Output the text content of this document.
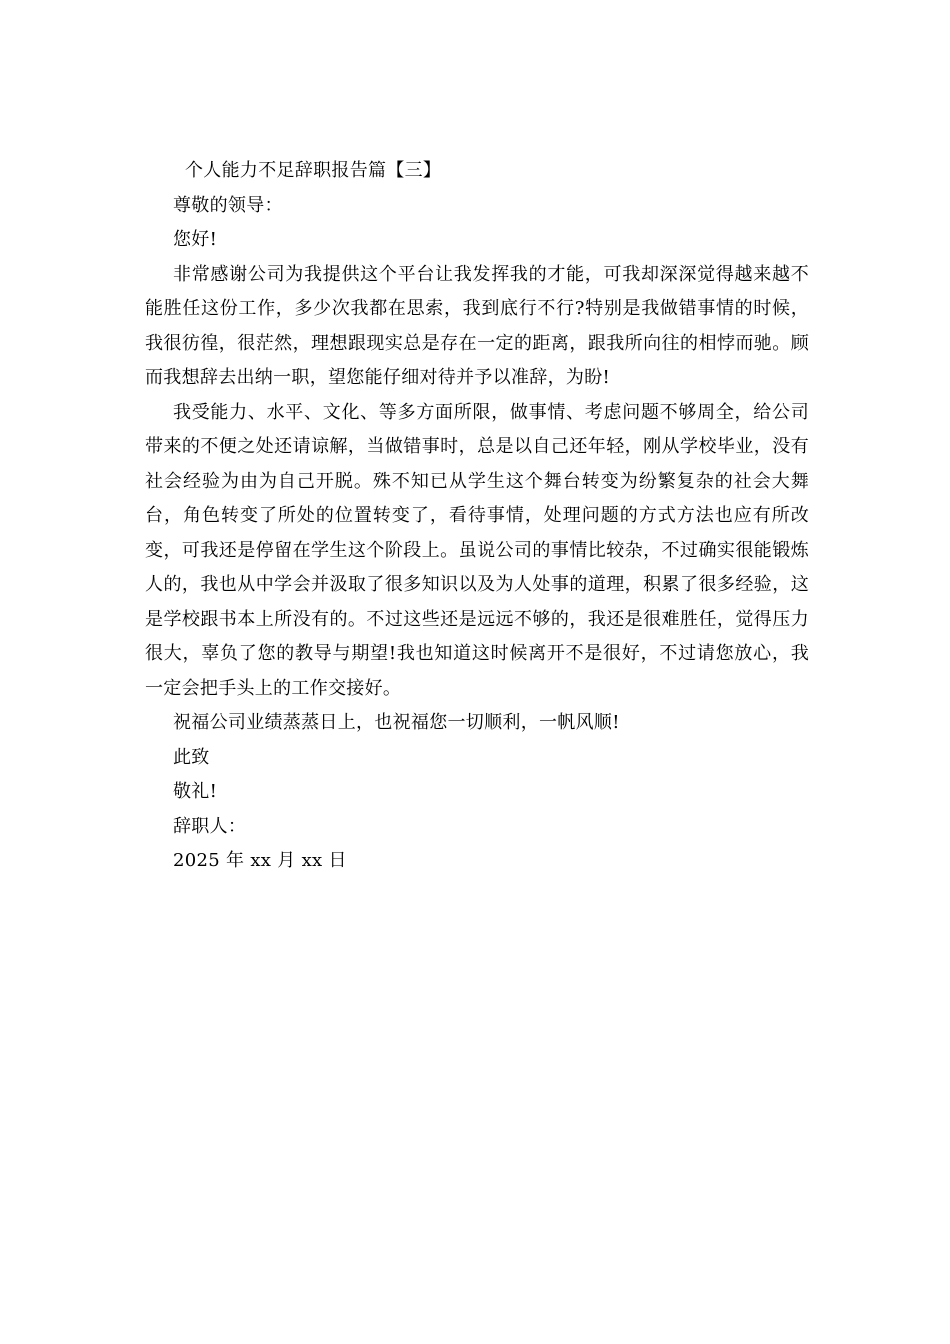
个人能力不足辞职报告篇【三】

尊敬的领导：

您好!

非常感谢公司为我提供这个平台让我发挥我的才能，可我却深深觉得越来越不能胜任这份工作，多少次我都在思索，我到底行不行?特别是我做错事情的时候，我很彷徨，很茫然，理想跟现实总是存在一定的距离，跟我所向往的相悖而驰。顾而我想辞去出纳一职，望您能仔细对待并予以准辞，为盼!

我受能力、水平、文化、等多方面所限，做事情、考虑问题不够周全，给公司带来的不便之处还请谅解，当做错事时，总是以自己还年轻，刚从学校毕业，没有社会经验为由为自己开脱。殊不知已从学生这个舞台转变为纷繁复杂的社会大舞台，角色转变了所处的位置转变了，看待事情，处理问题的方式方法也应有所改变，可我还是停留在学生这个阶段上。虽说公司的事情比较杂，不过确实很能锻炼人的，我也从中学会并汲取了很多知识以及为人处事的道理，积累了很多经验，这是学校跟书本上所没有的。不过这些还是远远不够的，我还是很难胜任，觉得压力很大，辜负了您的教导与期望!我也知道这时候离开不是很好，不过请您放心，我一定会把手头上的工作交接好。

祝福公司业绩蒸蒸日上，也祝福您一切顺利，一帆风顺!

此致

敬礼!

辞职人：

2025 年 xx 月 xx 日
